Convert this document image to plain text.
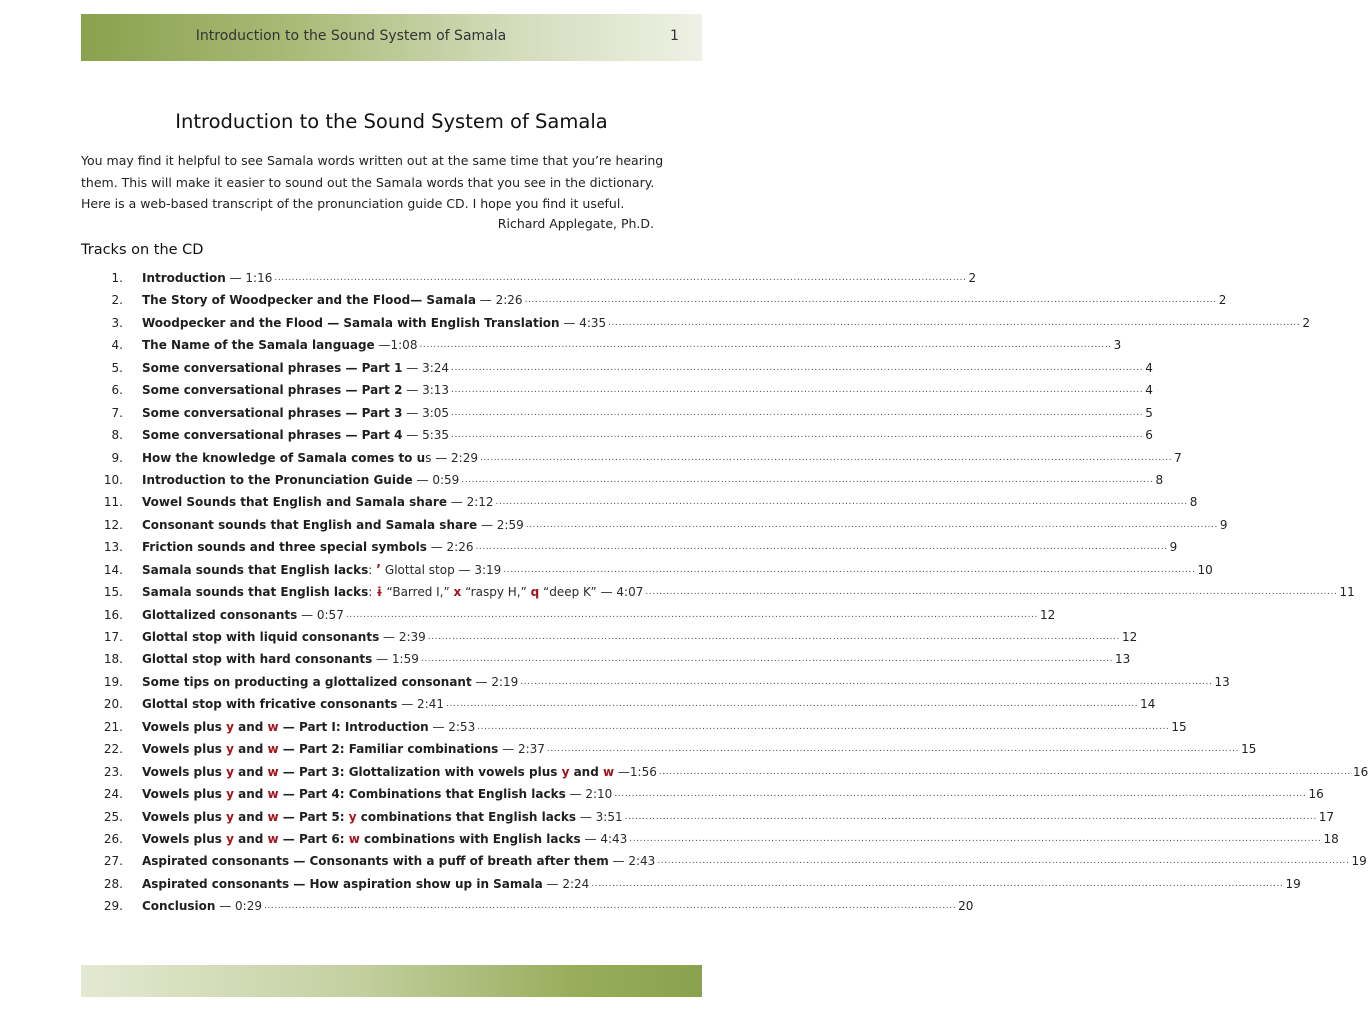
Introduction to the Sound System of Samala	1
Introduction to the Sound System of Samala

You may find it helpful to see Samala words written out at the same time that you’re hearing
them. This will make it easier to sound out the Samala words that you see in the dictionary.
Here is a web-based transcript of the pronunciation guide CD. I hope you find it useful.

Richard Applegate, Ph.D.
Tracks on the CD
1. Introduction — 1:16 ........................................................................................................................................................................................................ 2
2. The Story of Woodpecker and the Flood— Samala — 2:26 ........................................................................................................................................................................................................ 2
3. Woodpecker and the Flood — Samala with English Translation — 4:35 ........................................................................................................................................................................................................ 2
4. The Name of the Samala language —1:08 ........................................................................................................................................................................................................ 3
5. Some conversational phrases — Part 1 — 3:24 ........................................................................................................................................................................................................ 4
6. Some conversational phrases — Part 2 — 3:13 ........................................................................................................................................................................................................ 4
7. Some conversational phrases — Part 3 — 3:05 ........................................................................................................................................................................................................ 5
8. Some conversational phrases — Part 4 — 5:35 ........................................................................................................................................................................................................ 6
9. How the knowledge of Samala comes to us — 2:29 ........................................................................................................................................................................................................ 7
10. Introduction to the Pronunciation Guide — 0:59 ........................................................................................................................................................................................................ 8
11. Vowel Sounds that English and Samala share — 2:12 ........................................................................................................................................................................................................ 8
12. Consonant sounds that English and Samala share — 2:59 ........................................................................................................................................................................................................ 9
13. Friction sounds and three special symbols — 2:26 ........................................................................................................................................................................................................ 9
14. Samala sounds that English lacks: ’ Glottal stop — 3:19 ........................................................................................................................................................................................................ 10
15. Samala sounds that English lacks: ɨ “Barred I,” x “raspy H,” q “deep K” — 4:07 ........................................................................................................................................................................................................ 11
16. Glottalized consonants — 0:57 ........................................................................................................................................................................................................ 12
17. Glottal stop with liquid consonants — 2:39 ........................................................................................................................................................................................................ 12
18. Glottal stop with hard consonants — 1:59 ........................................................................................................................................................................................................ 13
19. Some tips on producting a glottalized consonant — 2:19 ........................................................................................................................................................................................................ 13
20. Glottal stop with fricative consonants — 2:41 ........................................................................................................................................................................................................ 14
21. Vowels plus y and w — Part I: Introduction — 2:53 ........................................................................................................................................................................................................ 15
22. Vowels plus y and w — Part 2: Familiar combinations — 2:37 ........................................................................................................................................................................................................ 15
23. Vowels plus y and w — Part 3: Glottalization with vowels plus y and w —1:56 ........................................................................................................................................................................................................ 16
24. Vowels plus y and w — Part 4: Combinations that English lacks — 2:10 ........................................................................................................................................................................................................ 16
25. Vowels plus y and w — Part 5: y combinations that English lacks — 3:51 ........................................................................................................................................................................................................ 17
26. Vowels plus y and w — Part 6: w combinations with English lacks — 4:43 ........................................................................................................................................................................................................ 18
27. Aspirated consonants — Consonants with a puff of breath after them — 2:43 ........................................................................................................................................................................................................ 19
28. Aspirated consonants — How aspiration show up in Samala — 2:24 ........................................................................................................................................................................................................ 19
29. Conclusion — 0:29 ........................................................................................................................................................................................................ 20
